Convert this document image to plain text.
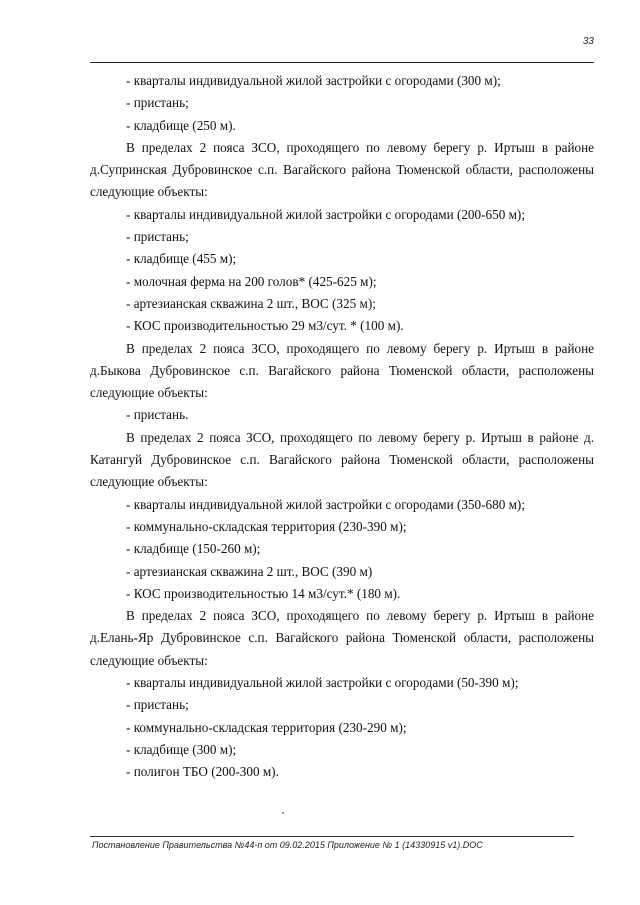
33
- кварталы индивидуальной жилой застройки с огородами (300 м);
- пристань;
- кладбище (250 м).
В пределах 2 пояса ЗСО, проходящего по левому берегу р. Иртыш в районе
д.Супринская Дубровинское с.п. Вагайского района Тюменской области, расположены
следующие объекты:
- кварталы индивидуальной жилой застройки с огородами (200-650 м);
- пристань;
- кладбище (455 м);
- молочная ферма на 200 голов* (425-625 м);
- артезианская скважина 2 шт., ВОС (325 м);
- КОС производительностью 29 м3/сут. * (100 м).
В пределах 2 пояса ЗСО, проходящего по левому берегу р. Иртыш в районе
д.Быкова Дубровинское с.п. Вагайского района Тюменской области, расположены
следующие объекты:
- пристань.
В пределах 2 пояса ЗСО, проходящего по левому берегу р. Иртыш в районе д.
Катангуй Дубровинское с.п. Вагайского района Тюменской области, расположены
следующие объекты:
- кварталы индивидуальной жилой застройки с огородами (350-680 м);
- коммунально-складская территория (230-390 м);
- кладбище (150-260 м);
- артезианская скважина 2 шт., ВОС (390 м)
- КОС производительностью 14 м3/сут.* (180 м).
В пределах 2 пояса ЗСО, проходящего по левому берегу р. Иртыш в районе
д.Елань-Яр Дубровинское с.п. Вагайского района Тюменской области, расположены
следующие объекты:
- кварталы индивидуальной жилой застройки с огородами (50-390 м);
- пристань;
- коммунально-складская территория (230-290 м);
- кладбище (300 м);
- полигон ТБО (200-300 м).
Постановление Правительства №44-п от 09.02.2015 Приложение № 1 (14330915 v1).DOC
